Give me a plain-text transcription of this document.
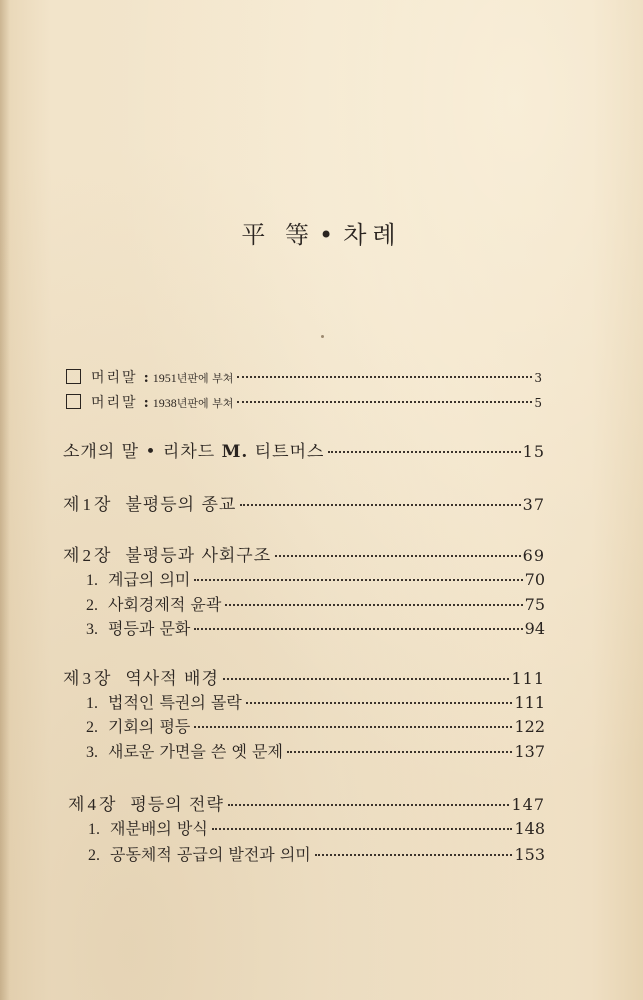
平 等 • 차례
머리말 : 1951년판에 부쳐	3
머리말 : 1938년판에 부쳐	5
소개의 말 • 리차드 M. 티트머스	15
제 1 장 불평등의 종교	37
제 2 장 불평등과 사회구조	69
1. 계급의 의미	70
2. 사회경제적 윤곽	75
3. 평등과 문화	94
제 3 장 역사적 배경	111
1. 법적인 특권의 몰락	111
2. 기회의 평등	122
3. 새로운 가면을 쓴 옛 문제	137
제 4 장 평등의 전략	147
1. 재분배의 방식	148
2. 공동체적 공급의 발전과 의미	153
